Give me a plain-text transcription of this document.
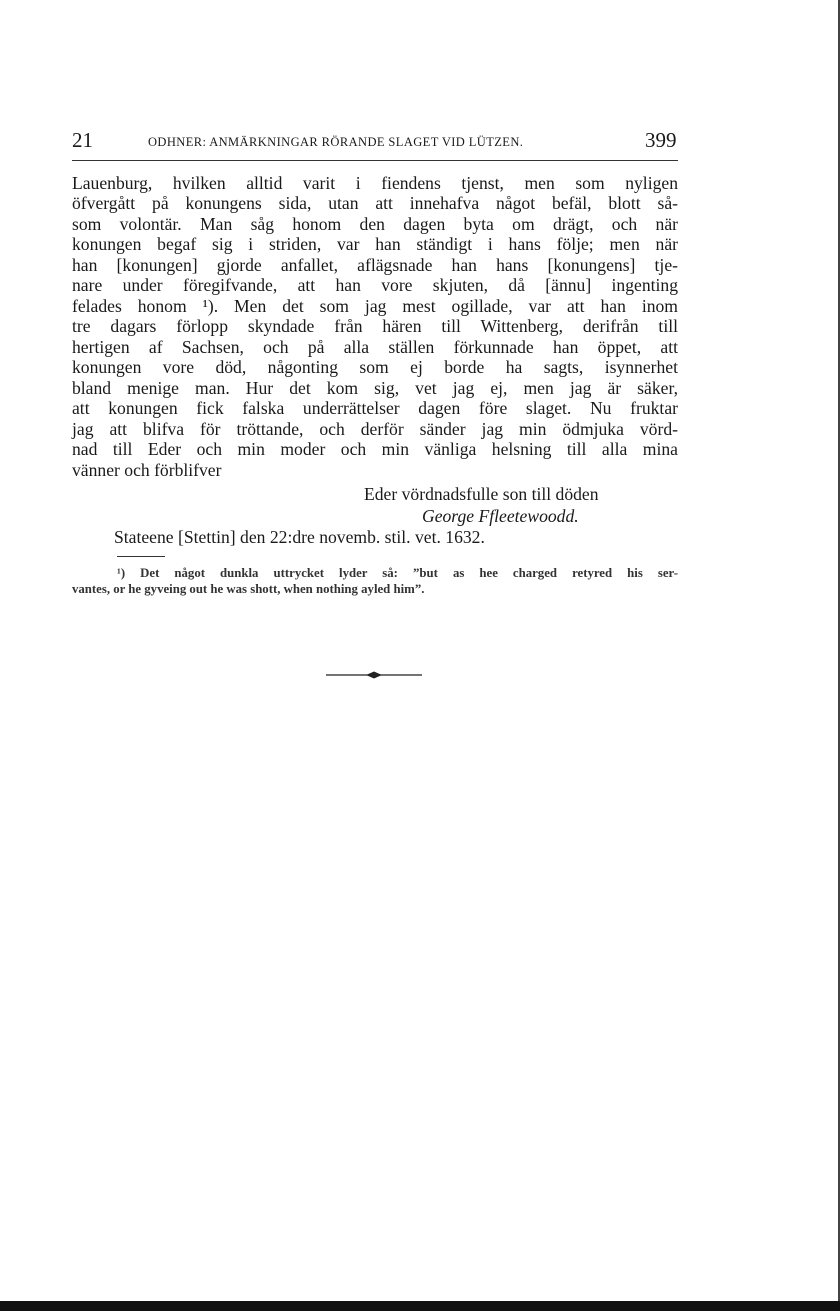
21	ODHNER: ANMÄRKNINGAR RÖRANDE SLAGET VID LÜTZEN.	399
Lauenburg, hvilken alltid varit i fiendens tjenst, men som nyligen
öfvergått på konungens sida, utan att innehafva något befäl, blott så-
som volontär. Man såg honom den dagen byta om drägt, och när
konungen begaf sig i striden, var han ständigt i hans följe; men när
han [konungen] gjorde anfallet, aflägsnade han hans [konungens] tje-
nare under föregifvande, att han vore skjuten, då [ännu] ingenting
felades honom ¹). Men det som jag mest ogillade, var att han inom
tre dagars förlopp skyndade från hären till Wittenberg, derifrån till
hertigen af Sachsen, och på alla ställen förkunnade han öppet, att
konungen vore död, någonting som ej borde ha sagts, isynnerhet
bland menige man. Hur det kom sig, vet jag ej, men jag är säker,
att konungen fick falska underrättelser dagen före slaget. Nu fruktar
jag att blifva för tröttande, och derför sänder jag min ödmjuka vörd-
nad till Eder och min moder och min vänliga helsning till alla mina
vänner och förblifver
Eder vördnadsfulle son till döden
George Ffleetewoodd.
Stateene [Stettin] den 22:dre novemb. stil. vet. 1632.
¹) Det något dunkla uttrycket lyder så: ”but as hee charged retyred his ser-
vantes, or he gyveing out he was shott, when nothing ayled him”.
